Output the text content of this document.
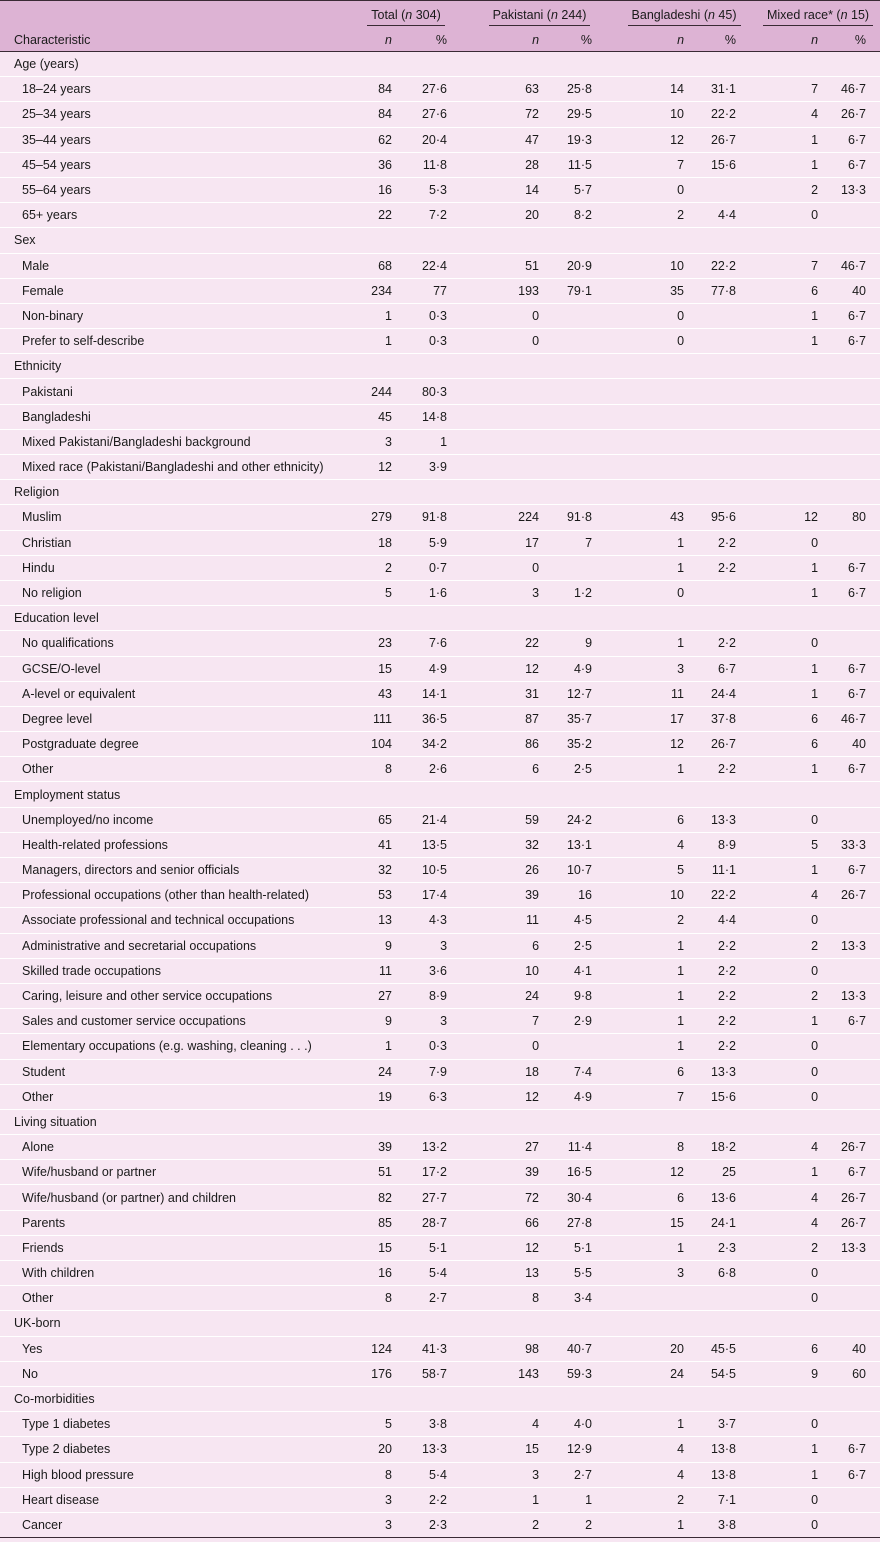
	Total (n 304)		Pakistani (n 244)		Bangladeshi (n 45)		Mixed race* (n 15)	
Characteristic	n	%	n	%	n	%	n	%
Age (years)								
18–24 years	84	27·6	63	25·8	14	31·1	7	46·7
25–34 years	84	27·6	72	29·5	10	22·2	4	26·7
35–44 years	62	20·4	47	19·3	12	26·7	1	6·7
45–54 years	36	11·8	28	11·5	7	15·6	1	6·7
55–64 years	16	5·3	14	5·7	0		2	13·3
65+ years	22	7·2	20	8·2	2	4·4	0	
Sex								
Male	68	22·4	51	20·9	10	22·2	7	46·7
Female	234	77	193	79·1	35	77·8	6	40
Non-binary	1	0·3	0		0		1	6·7
Prefer to self-describe	1	0·3	0		0		1	6·7
Ethnicity								
Pakistani	244	80·3						
Bangladeshi	45	14·8						
Mixed Pakistani/Bangladeshi background	3	1						
Mixed race (Pakistani/Bangladeshi and other ethnicity)	12	3·9						
Religion								
Muslim	279	91·8	224	91·8	43	95·6	12	80
Christian	18	5·9	17	7	1	2·2	0	
Hindu	2	0·7	0		1	2·2	1	6·7
No religion	5	1·6	3	1·2	0		1	6·7
Education level								
No qualifications	23	7·6	22	9	1	2·2	0	
GCSE/O-level	15	4·9	12	4·9	3	6·7	1	6·7
A-level or equivalent	43	14·1	31	12·7	11	24·4	1	6·7
Degree level	111	36·5	87	35·7	17	37·8	6	46·7
Postgraduate degree	104	34·2	86	35·2	12	26·7	6	40
Other	8	2·6	6	2·5	1	2·2	1	6·7
Employment status								
Unemployed/no income	65	21·4	59	24·2	6	13·3	0	
Health-related professions	41	13·5	32	13·1	4	8·9	5	33·3
Managers, directors and senior officials	32	10·5	26	10·7	5	11·1	1	6·7
Professional occupations (other than health-related)	53	17·4	39	16	10	22·2	4	26·7
Associate professional and technical occupations	13	4·3	11	4·5	2	4·4	0	
Administrative and secretarial occupations	9	3	6	2·5	1	2·2	2	13·3
Skilled trade occupations	11	3·6	10	4·1	1	2·2	0	
Caring, leisure and other service occupations	27	8·9	24	9·8	1	2·2	2	13·3
Sales and customer service occupations	9	3	7	2·9	1	2·2	1	6·7
Elementary occupations (e.g. washing, cleaning . . .)	1	0·3	0		1	2·2	0	
Student	24	7·9	18	7·4	6	13·3	0	
Other	19	6·3	12	4·9	7	15·6	0	
Living situation								
Alone	39	13·2	27	11·4	8	18·2	4	26·7
Wife/husband or partner	51	17·2	39	16·5	12	25	1	6·7
Wife/husband (or partner) and children	82	27·7	72	30·4	6	13·6	4	26·7
Parents	85	28·7	66	27·8	15	24·1	4	26·7
Friends	15	5·1	12	5·1	1	2·3	2	13·3
With children	16	5·4	13	5·5	3	6·8	0	
Other	8	2·7	8	3·4			0	
UK-born								
Yes	124	41·3	98	40·7	20	45·5	6	40
No	176	58·7	143	59·3	24	54·5	9	60
Co-morbidities								
Type 1 diabetes	5	3·8	4	4·0	1	3·7	0	
Type 2 diabetes	20	13·3	15	12·9	4	13·8	1	6·7
High blood pressure	8	5·4	3	2·7	4	13·8	1	6·7
Heart disease	3	2·2	1	1	2	7·1	0	
Cancer	3	2·3	2	2	1	3·8	0	
